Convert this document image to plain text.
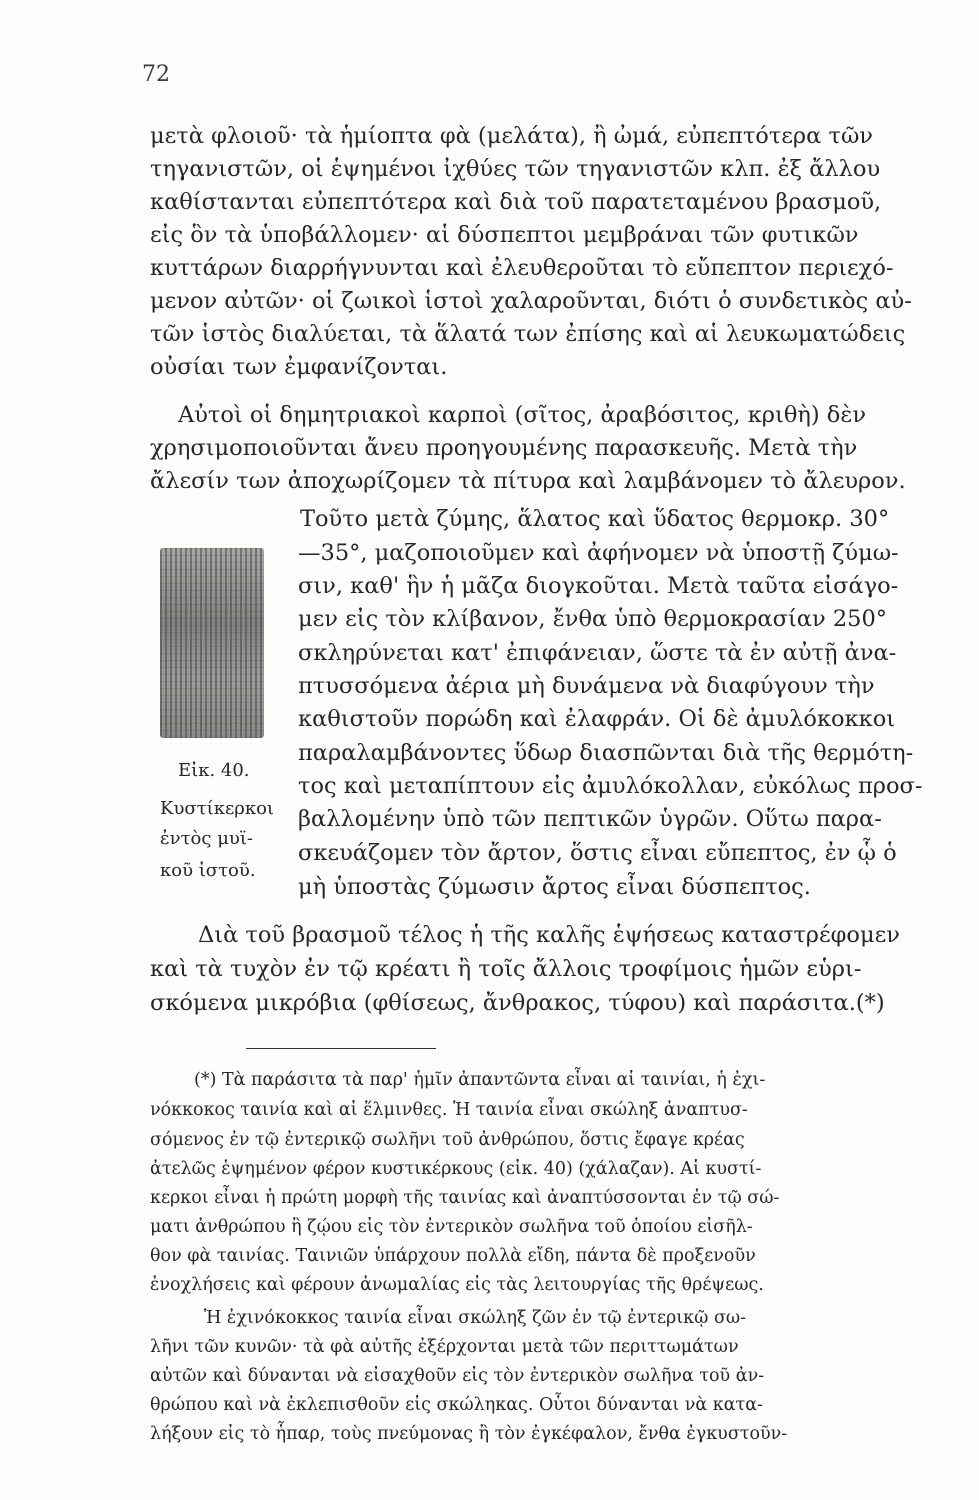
72
μετὰ φλοιοῦ· τὰ ἡμίοπτα φὰ (μελάτα), ἢ ὠμά, εὐπεπτότερα τῶν
τηγανιστῶν, οἱ ἑψημένοι ἰχθύες τῶν τηγανιστῶν κλπ. ἐξ ἄλλου
καθίστανται εὐπεπτότερα καὶ διὰ τοῦ παρατεταμένου βρασμοῦ,
εἰς ὃν τὰ ὑποβάλλομεν· αἱ δύσπεπτοι μεμβράναι τῶν φυτικῶν
κυττάρων διαρρήγνυνται καὶ ἐλευθεροῦται τὸ εὔπεπτον περιεχό-
μενον αὐτῶν· οἱ ζωικοὶ ἱστοὶ χαλαροῦνται, διότι ὁ συνδετικὸς αὐ-
τῶν ἱστὸς διαλύεται, τὰ ἅλατά των ἐπίσης καὶ αἱ λευκωματώδεις
οὐσίαι των ἐμφανίζονται.
Αὐτοὶ οἱ δημητριακοὶ καρποὶ (σῖτος, ἀραβόσιτος, κριθὴ) δὲν
χρησιμοποιοῦνται ἄνευ προηγουμένης παρασκευῆς. Μετὰ τὴν
ἄλεσίν των ἀποχωρίζομεν τὰ πίτυρα καὶ λαμβάνομεν τὸ ἄλευρον.
Εἰκ. 40.
Κυστίκερκοι
ἐντὸς μυϊ-
κοῦ ἱστοῦ.
Τοῦτο μετὰ ζύμης, ἅλατος καὶ ὕδατος θερμοκρ. 30°
—35°, μαζοποιοῦμεν καὶ ἀφήνομεν νὰ ὑποστῇ ζύμω-
σιν, καθ' ἣν ἡ μᾶζα διογκοῦται. Μετὰ ταῦτα εἰσάγο-
μεν εἰς τὸν κλίβανον, ἔνθα ὑπὸ θερμοκρασίαν 250°
σκληρύνεται κατ' ἐπιφάνειαν, ὥστε τὰ ἐν αὐτῇ ἀνα-
πτυσσόμενα ἀέρια μὴ δυνάμενα νὰ διαφύγουν τὴν
καθιστοῦν πορώδη καὶ ἐλαφράν. Οἱ δὲ ἀμυλόκοκκοι
παραλαμβάνοντες ὕδωρ διασπῶνται διὰ τῆς θερμότη-
τος καὶ μεταπίπτουν εἰς ἀμυλόκολλαν, εὐκόλως προσ-
βαλλομένην ὑπὸ τῶν πεπτικῶν ὑγρῶν. Οὕτω παρα-
σκευάζομεν τὸν ἄρτον, ὅστις εἶναι εὔπεπτος, ἐν ᾧ ὁ
μὴ ὑποστὰς ζύμωσιν ἄρτος εἶναι δύσπεπτος.
Διὰ τοῦ βρασμοῦ τέλος ἡ τῆς καλῆς ἑψήσεως καταστρέφομεν
καὶ τὰ τυχὸν ἐν τῷ κρέατι ἢ τοῖς ἄλλοις τροφίμοις ἡμῶν εὑρι-
σκόμενα μικρόβια (φθίσεως, ἄνθρακος, τύφου) καὶ παράσιτα.(*)
(*) Τὰ παράσιτα τὰ παρ' ἡμῖν ἀπαντῶντα εἶναι αἱ ταινίαι, ἡ ἐχι-
νόκκοκος ταινία καὶ αἱ ἕλμινθες. Ἡ ταινία εἶναι σκώληξ ἀναπτυσ-
σόμενος ἐν τῷ ἐντερικῷ σωλῆνι τοῦ ἀνθρώπου, ὅστις ἔφαγε κρέας
ἀτελῶς ἑψημένον φέρον κυστικέρκους (εἰκ. 40) (χάλαζαν). Αἱ κυστί-
κερκοι εἶναι ἡ πρώτη μορφὴ τῆς ταινίας καὶ ἀναπτύσσονται ἐν τῷ σώ-
ματι ἀνθρώπου ἢ ζῴου εἰς τὸν ἐντερικὸν σωλῆνα τοῦ ὁποίου εἰσῆλ-
θον φὰ ταινίας. Ταινιῶν ὑπάρχουν πολλὰ εἴδη, πάντα δὲ προξενοῦν
ἐνοχλήσεις καὶ φέρουν ἀνωμαλίας εἰς τὰς λειτουργίας τῆς θρέψεως.
Ἡ ἐχινόκοκκος ταινία εἶναι σκώληξ ζῶν ἐν τῷ ἐντερικῷ σω-
λῆνι τῶν κυνῶν· τὰ φὰ αὐτῆς ἐξέρχονται μετὰ τῶν περιττωμάτων
αὐτῶν καὶ δύνανται νὰ εἰσαχθοῦν εἰς τὸν ἐντερικὸν σωλῆνα τοῦ ἀν-
θρώπου καὶ νὰ ἐκλεπισθοῦν εἰς σκώληκας. Οὗτοι δύνανται νὰ κατα-
λήξουν εἰς τὸ ἧπαρ, τοὺς πνεύμονας ἢ τὸν ἐγκέφαλον, ἔνθα ἐγκυστοῦν-
